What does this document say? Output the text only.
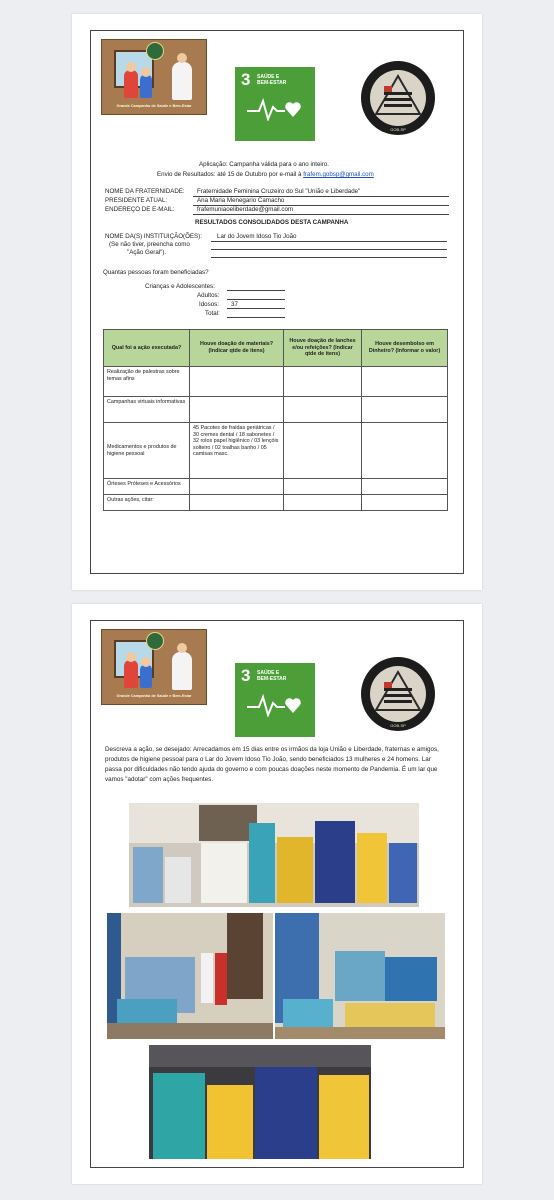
Grande Campanha de Saúde e Bem-Estar
3 SAÚDE E
BEM-ESTAR
GOB-SP
Aplicação: Campanha válida para o ano inteiro.
Envio de Resultados: até 15 de Outubro por e-mail à frafem.gobsp@gmail.com
NOME DA FRATERNIDADE: Fraternidade Feminina Cruzeiro do Sul "União e Liberdade"
PRESIDENTE ATUAL:	Ana Maria Menegario Camacho
ENDEREÇO DE E-MAIL:	frafemuniaoeliberdade@gmail.com
RESULTADOS CONSOLIDADOS DESTA CAMPANHA
NOME DA(S) INSTITUIÇÃO(ÕES): Lar do Jovem Idoso Tio João
(Se não tiver, preencha como
"Ação Geral").
Quantas pessoas foram beneficiadas?
Crianças e Adolescentes:
Adultos:
Idosos: 37
Total:
Qual foi a ação executada?	Houve doação de materiais? (Indicar qtde de itens)	Houve doação de lanches e/ou refeições? (Indicar qtde de itens)	Houve desembolso em Dinheiro? (Informar o valor)
Realização de palestras sobre temas afins			
Campanhas virtuais informativas			
Medicamentos e produtos de higiene pessoal	45 Pacotes de fraldas geriátricas / 30 cremes dental / 18 sabonetes / 32 rolos papel higiênico / 03 lençóis solteiro / 02 toalhas banho / 05 camisas masc.		
Órteses Próteses e Acessórios			
Outras ações, citar:			
Grande Campanha de Saúde e Bem-Estar
3 SAÚDE E
BEM-ESTAR
GOB-SP
Descreva a ação, se desejado: Arrecadamos em 15 dias entre os irmãos da loja União e Liberdade, fraternas e amigos, produtos de higiene pessoal para o Lar do Jovem Idoso Tio João, sendo beneficiados 13 mulheres e 24 homens. Lar passa por dificuldades não tendo ajuda do governo e com poucas doações neste momento de Pandemia. É um lar que vamos "adotar" com ações frequentes.
